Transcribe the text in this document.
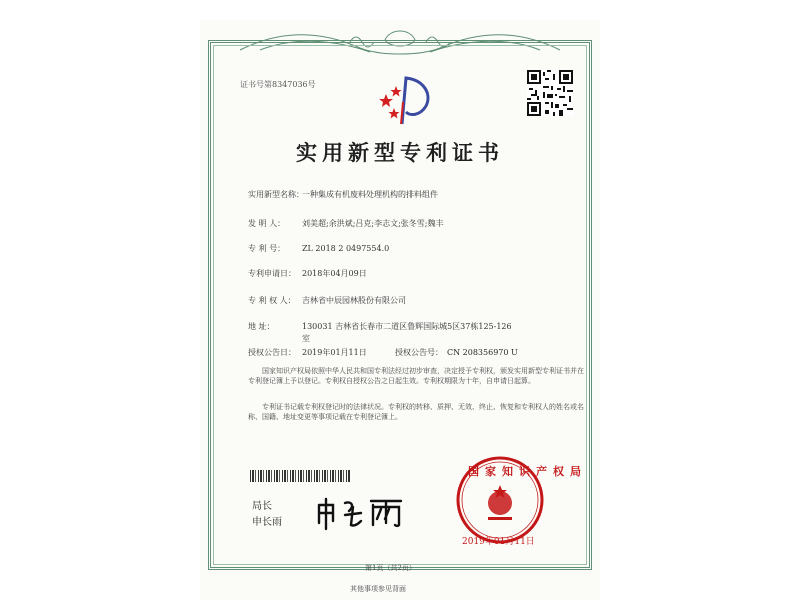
证书号第8347036号
实用新型专利证书
实用新型名称：
一种集成有机废料处理机构的排料组件
发 明 人： 刘美超;余洪斌;吕克;李志文;张冬雪;魏丰
专 利 号： ZL 2018 2 0497554.0
专利申请日： 2018年04月09日
专 利 权 人： 吉林省中辰园林股份有限公司
地 址：	130031 吉林省长春市二道区鲁辉国际城5区37栋125-126
室
授权公告日： 2019年01月11日	授权公告号： CN 208356970 U
国家知识产权局依照中华人民共和国专利法经过初步审查，决定授予专利权，颁发实用新型专利证书并在专利登记簿上予以登记。专利权自授权公告之日起生效。专利权期限为十年，自申请日起算。
专利证书记载专利权登记时的法律状况。专利权的转移、质押、无效、终止、恢复和专利权人的姓名或名称、国籍、地址变更等事项记载在专利登记簿上。
局长
申长雨
国家知识产权局
2019年01月11日
第1页（共2页）
其他事项参见背面
